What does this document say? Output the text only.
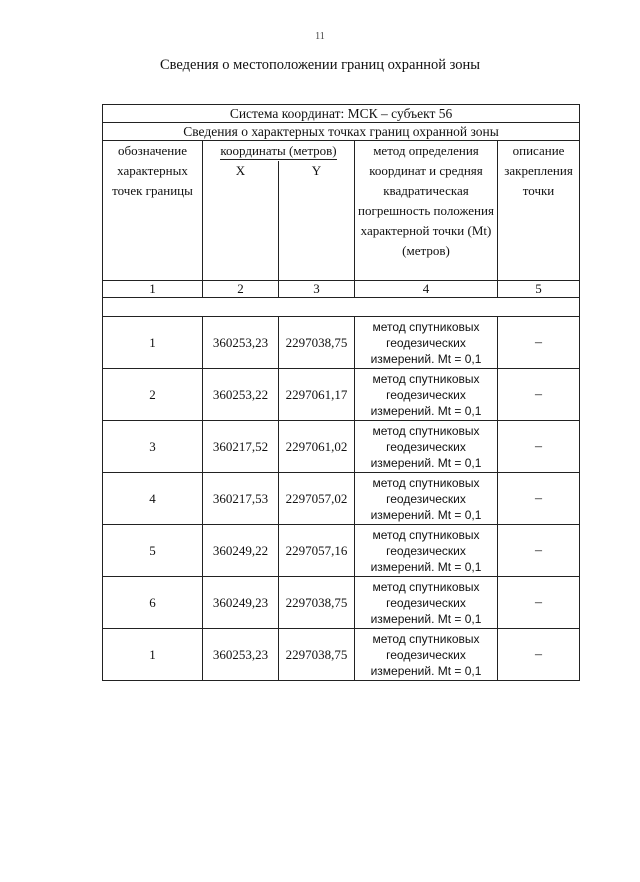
11
Сведения о местоположении границ охранной зоны
Система координат: МСК – субъект 56				
Сведения о характерных точках границ охранной зоны				
обозначение характерных точек границы	координаты (метров)		метод определения координат и средняя квадратическая погрешность положения характерной точки (Mt) (метров)	описание закрепления точки
	X	Y		
1	2	3	4	5

1	360253,23	2297038,75	метод спутниковых геодезических измерений. Mt = 0,1	–
2	360253,22	2297061,17	метод спутниковых геодезических измерений. Mt = 0,1	–
3	360217,52	2297061,02	метод спутниковых геодезических измерений. Mt = 0,1	–
4	360217,53	2297057,02	метод спутниковых геодезических измерений. Mt = 0,1	–
5	360249,22	2297057,16	метод спутниковых геодезических измерений. Mt = 0,1	–
6	360249,23	2297038,75	метод спутниковых геодезических измерений. Mt = 0,1	–
1	360253,23	2297038,75	метод спутниковых геодезических измерений. Mt = 0,1	–
